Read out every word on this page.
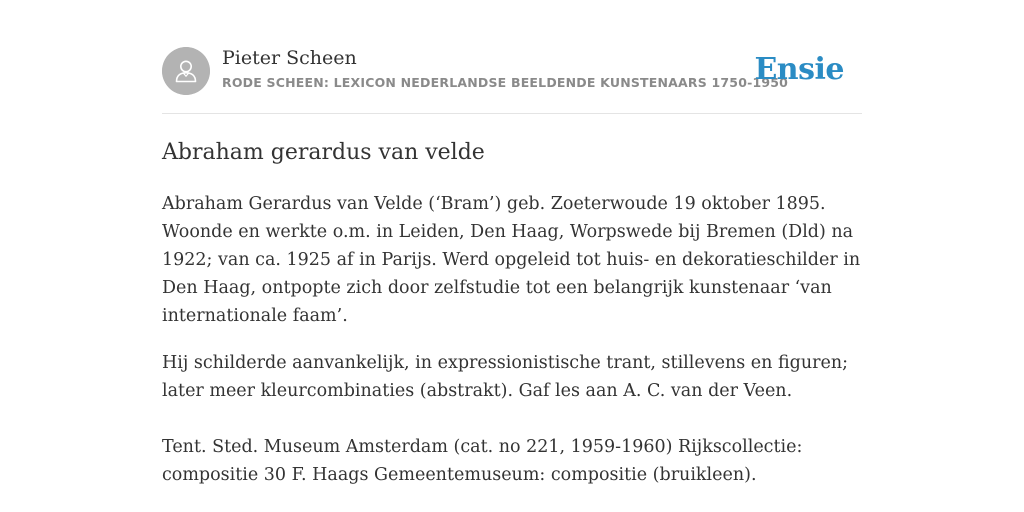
Pieter Scheen
RODE SCHEEN: LEXICON NEDERLANDSE BEELDENDE KUNSTENAARS 1750-1950
Ensie
Abraham gerardus van velde

Abraham Gerardus van Velde (‘Bram’) geb. Zoeterwoude 19 oktober 1895.
Woonde en werkte o.m. in Leiden, Den Haag, Worpswede bij Bremen (Dld) na
1922; van ca. 1925 af in Parijs. Werd opgeleid tot huis- en dekoratieschilder in
Den Haag, ontpopte zich door zelfstudie tot een belangrijk kunstenaar ‘van
internationale faam’.

Hij schilderde aanvankelijk, in expressionistische trant, stillevens en figuren;
later meer kleurcombinaties (abstrakt). Gaf les aan A. C. van der Veen.

Tent. Sted. Museum Amsterdam (cat. no 221, 1959-1960) Rijkscollectie:
compositie 30 F. Haags Gemeentemuseum: compositie (bruikleen).
